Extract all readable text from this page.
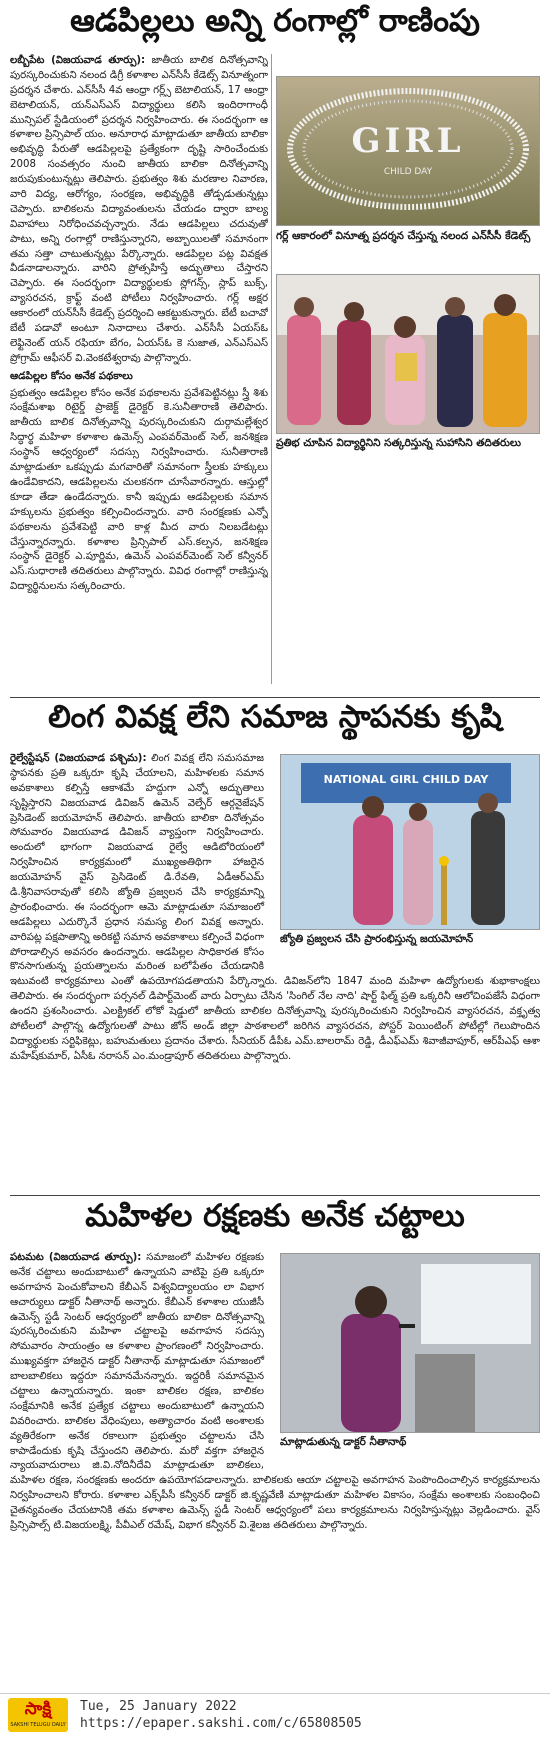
ఆడపిల్లలు అన్ని రంగాల్లో రాణింపు

లబ్బీపేట (విజయవాడ తూర్పు): జాతీయ బాలిక దినోత్సవాన్ని పురస్కరించుకుని నలంద డిగ్రీ కళాశాల ఎన్‌సీసీ కేడెట్స్ వినూత్నంగా ప్రదర్శన చేశారు. ఎన్‌సీసీ 4వ ఆంధ్రా గర్ల్స్ బెటాలియన్, 17 ఆంధ్రా బెటాలియన్, యన్‌ఎస్‌ఎస్ విద్యార్థులు కలిసి ఇందిరాగాంధీ మున్సిపల్ స్టేడియంలో ప్రదర్శన నిర్వహించారు. ఈ సందర్భంగా ఆ కళాశాల ప్రిన్సిపాల్ యం. అనూరాధ మాట్లాడుతూ జాతీయ బాలికా అభివృద్ధి పేరుతో ఆడపిల్లలపై ప్రత్యేకంగా దృష్టి సారించేందుకు 2008 సంవత్సరం నుంచి జాతీయ బాలికా దినోత్సవాన్ని జరుపుకుంటున్నట్లు తెలిపారు. ప్రభుత్వం శిశు మరణాల నివారణ, వారి విద్య, ఆరోగ్యం, సంరక్షణ, అభివృద్ధికి తోడ్పడుతున్నట్లు చెప్పారు. బాలికలను విద్యావంతులను చేయడం ద్వారా బాల్య వివాహాలు నిరోధించవచ్చన్నారు. నేడు ఆడపిల్లలు చదువుతో పాటు, అన్ని రంగాల్లో రాణిస్తున్నారని, అబ్బాయిలతో సమానంగా తమ సత్తా చాటుతున్నట్లు పేర్కొన్నారు. ఆడపిల్లల పట్ల వివక్షత వీడనాడాలన్నారు. వారిని ప్రోత్సహిస్తే అద్భుతాలు చేస్తారని చెప్పారు. ఈ సందర్భంగా విద్యార్థులకు స్లోగన్స్, స్లాప్ బుక్స్, వ్యాసరచన, క్రాఫ్ట్ వంటి పోటీలు నిర్వహించారు. గర్ల్ అక్షర ఆకారంలో యన్‌సీసీ కేడెట్స్ ప్రదర్శించి ఆకట్టుకున్నారు. బేటీ బచావో బేటీ పడావో అంటూ నినాదాలు చేశారు. ఎన్‌సీసీ ఏయస్ఓ లెఫ్టినెంట్ యన్ రఫియా బేగం, ఏయస్ఓ కె సుజాత, ఎన్‌ఎస్‌ఎస్ ప్రోగ్రామ్ ఆఫీసర్ వి.వెంకటేశ్వరావు పాల్గొన్నారు.

ఆడపిల్లల కోసం అనేక పథకాలు

ప్రభుత్వం ఆడపిల్లల కోసం అనేక పథకాలను ప్రవేశపెట్టినట్లు స్త్రీ శిశు సంక్షేమశాఖ రిటైర్డ్ ప్రాజెక్ట్ డైరెక్టర్ కె.సునీతారాణి తెలిపారు. జాతీయ బాలిక దినోత్సవాన్ని పురస్కరించుకుని దుర్గామల్లేశ్వర సిద్ధార్థ మహిళా కళాశాల ఉమెన్స్ ఎంపవర్‌మెంట్ సెల్, జనశిక్షణ సంస్థాన్ ఆధ్వర్యంలో సదస్సు నిర్వహించారు. సునీతారాణి మాట్లాడుతూ ఒకప్పుడు మగవారితో సమానంగా స్త్రీలకు హక్కులు ఉండేవికాదని, ఆడపిల్లలను చులకనగా చూసేవారన్నారు. ఆస్తుల్లో కూడా తేడా ఉండేదన్నారు. కానీ ఇప్పుడు ఆడపిల్లలకు సమాన హక్కులను ప్రభుత్వం కల్పించిందన్నారు. వారి సంరక్షణకు ఎన్నో పథకాలను ప్రవేశపెట్టి వారి కాళ్ల మీద వారు నిలబడేటట్లు చేస్తున్నారన్నారు. కళాశాల ప్రిన్సిపాల్ ఎస్.కల్పన, జనశిక్షణ సంస్థాన్ డైరెక్టర్ ఎ.పూర్ణిమ, ఉమెన్ ఎంపవర్‌మెంట్ సెల్ కన్వీనర్ ఎస్.సుధారాణి తదితరులు పాల్గొన్నారు. వివిధ రంగాల్లో రాణిస్తున్న విద్యార్థినులను సత్కరించారు.

GIRL
CHILD DAY
గర్ల్ ఆకారంలో వినూత్న ప్రదర్శన చేస్తున్న నలంద ఎన్‌సీసీ కేడెట్స్
ప్రతిభ చూపిన విద్యార్థినిని సత్కరిస్తున్న సుహాసిని తదితరులు
లింగ వివక్ష లేని సమాజ స్థాపనకు కృషి

రైల్వేస్టేషన్ (విజయవాడ పశ్చిమ): లింగ వివక్ష లేని సమసమాజ స్థాపనకు ప్రతి ఒక్కరూ కృషి చేయాలని, మహిళలకు సమాన అవకాశాలు కల్పిస్తే ఆకాశమే హద్దుగా ఎన్నో అద్భుతాలు సృష్టిస్తారని విజయవాడ డివిజన్ ఉమెన్ వెల్ఫేర్ ఆర్గనైజేషన్ ప్రెసిడెంట్ జయమోహన్ తెలిపారు. జాతీయ బాలికా దినోత్సవం సోమవారం విజయవాడ డివిజన్ వ్యాప్తంగా నిర్వహించారు. అందులో భాగంగా విజయవాడ రైల్వే ఆడిటోరియంలో నిర్వహించిన కార్యక్రమంలో ముఖ్యఅతిథిగా హాజరైన జయమోహన్ వైస్ ప్రెసిడెంట్ డి.రేవతి, ఏడీఆర్ఎమ్ డి.శ్రీనివాసరావుతో కలిసి జ్యోతి ప్రజ్వలన చేసి కార్యక్రమాన్ని ప్రారంభించారు. ఈ సందర్భంగా ఆమె మాట్లాడుతూ సమాజంలో ఆడపిల్లలు ఎదుర్కొనే ప్రధాన సమస్య లింగ వివక్ష అన్నారు. వారిపట్ల పక్షపాతాన్ని అరికట్టి సమాన అవకాశాలు కల్పించే విధంగా పోరాడాల్సిన అవసరం ఉందన్నారు. ఆడపిల్లల సాధికారత కోసం కొనసాగుతున్న ప్రయత్నాలను మరింత బలోపేతం చేయడానికి ఇటువంటి కార్యక్రమాలు ఎంతో ఉపయోగపడతాయని పేర్కొన్నారు. డివిజన్‌లోని 1847 మంది మహిళా ఉద్యోగులకు శుభాకాంక్షలు తెలిపారు. ఈ సందర్భంగా పర్సనల్ డిపార్ట్‌మెంట్ వారు ఏర్పాటు చేసిన 'సింగిల్ నేల నాది' షార్ట్ ఫిల్మ్ ప్రతి ఒక్కరినీ ఆలోచింపజేసే విధంగా ఉందని ప్రశంసించారు. ఎలక్ట్రికల్ లోకో షెడ్డులో జాతీయ బాలికల దినోత్సవాన్ని పురస్కరించుకుని నిర్వహించిన వ్యాసరచన, వక్తృత్వ పోటీలలో పాల్గొన్న ఉద్యోగులతో పాటు జోన్ అండ్ జిల్లా పాఠశాలలో జరిగిన వ్యాసరచన, పోస్టర్ పెయింటింగ్ పోటీల్లో గెలుపొందిన విద్యార్థులకు సర్టిఫికెట్లు, బహుమతులు ప్రదానం చేశారు. సీనియర్ డీపీఓ ఎమ్.బాలరామ్ రెడ్డి, డీఎఫ్‌ఎమ్ శివాజీవాపూర్, ఆర్‌పీఎఫ్ ఆశా మహేష్‌కుమార్, ఏసీఓ నరాసన్ ఎం.మండ్రాపూర్ తదితరులు పాల్గొన్నారు.

NATIONAL GIRL CHILD DAY
జ్యోతి ప్రజ్వలన చేసి ప్రారంభిస్తున్న జయమోహన్
మహిళల రక్షణకు అనేక చట్టాలు

పటమట (విజయవాడ తూర్పు): సమాజంలో మహిళల రక్షణకు అనేక చట్టాలు అందుబాటులో ఉన్నాయని వాటిపై ప్రతి ఒక్కరూ అవగాహన పెంచుకోవాలని కేబీఎన్ విశ్వవిద్యాలయం లా విభాగ ఆచార్యులు డాక్టర్ నీతానాథ్ అన్నారు. కేబీఎన్ కళాశాల యుజీసీ ఉమెన్స్ స్టడీ సెంటర్ ఆధ్వర్యంలో జాతీయ బాలికా దినోత్సవాన్ని పురస్కరించుకుని మహిళా చట్టాలపై అవగాహన సదస్సు సోమవారం సాయంత్రం ఆ కళాశాల ప్రాంగణంలో నిర్వహించారు. ముఖ్యవక్తగా హాజరైన డాక్టర్ నీతానాథ్ మాట్లాడుతూ సమాజంలో బాలబాలికలు ఇద్దరూ సమానమేనన్నారు. ఇద్దరికీ సమానమైన చట్టాలు ఉన్నాయన్నారు. ఇంకా బాలికల రక్షణ, బాలికల సంక్షేమానికి అనేక ప్రత్యేక చట్టాలు అందుబాటులో ఉన్నాయని వివరించారు. బాలికల వేధింపులు, అత్యాచారం వంటి అంశాలకు వ్యతిరేకంగా అనేక రకాలుగా ప్రభుత్వం చట్టాలను చేసి కాపాడేందుకు కృషి చేస్తుందని తెలిపారు. మరో వక్తగా హాజరైన న్యాయవాదురాలు జి.వి.నోదినీదేవి మాట్లాడుతూ బాలికలు, మహిళల రక్షణ, సంరక్షణకు అందరూ ఉపయోగపడాలన్నారు. బాలికలకు ఆయా చట్టాలపై అవగాహన పెంపొందించాల్సిన కార్యక్రమాలను నిర్వహించాలని కోరారు. కళాశాల ఎక్స్‌పీసీ కన్వీనర్ డాక్టర్ జి.కృష్ణవేణి మాట్లాడుతూ మహిళల వికాసం, సంక్షేమ అంశాలకు సంబంధించి చైతన్యవంతం చేయటానికి తమ కళాశాల ఉమెన్స్ స్టడీ సెంటర్ ఆధ్వర్యంలో పలు కార్యక్రమాలను నిర్వహిస్తున్నట్లు వెల్లడించారు. వైస్ ప్రిన్సిపాల్స్ టి.విజయలక్ష్మి, పీవీఎల్ రమేష్, విభాగ కన్వీనర్ వి.శైలజ తదితరులు పాల్గొన్నారు.

మాట్లాడుతున్న డాక్టర్ నీతానాథ్
సాక్షి
SAKSHI TELUGU DAILY
Tue, 25 January 2022
https://epaper.sakshi.com/c/65808505
